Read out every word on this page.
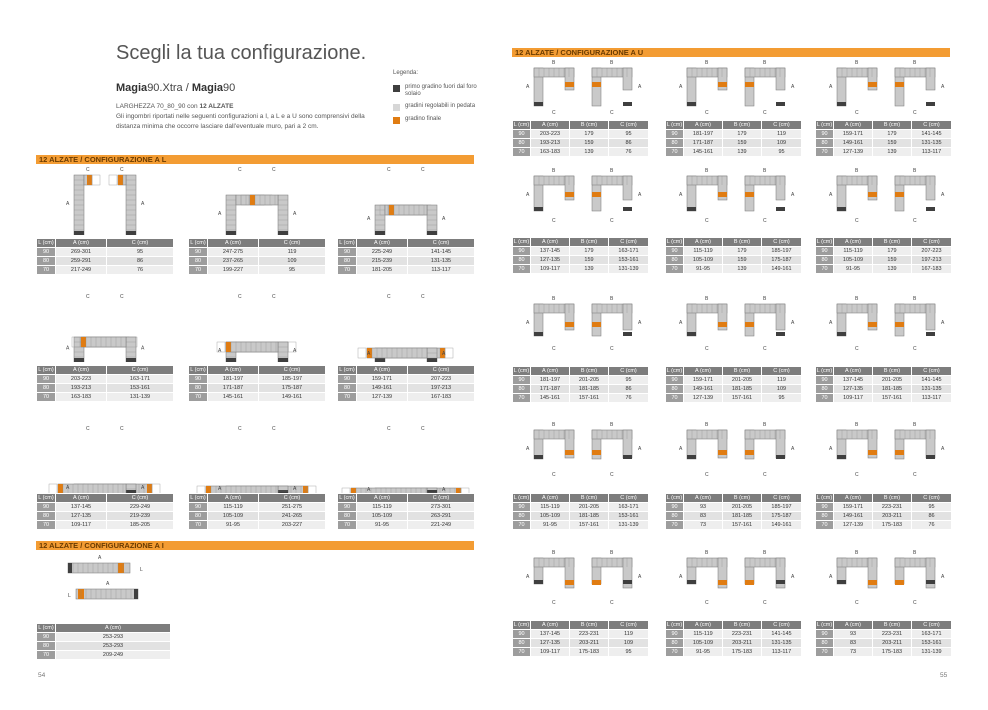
Scegli la tua configurazione.
Magia90.Xtra / Magia90
LARGHEZZA 70_80_90 con 12 ALZATE
Gli ingombri riportati nelle seguenti configurazioni a I, a L e a U sono comprensivi della distanza minima che occorre lasciare dall'eventuale muro, pari a 2 cm.
Legenda:
primo gradino fuori dal foro solaio
gradini regolabili in pedata
gradino finale
12 ALZATE / CONFIGURAZIONE A L
12 ALZATE / CONFIGURAZIONE A I
12 ALZATE / CONFIGURAZIONE A U
A
C
A
C
L (cm)	A (cm)	C (cm)
90	269-301	95
80	259-291	86
70	217-249	76
A
C
A
C
L (cm)	A (cm)	C (cm)
90	247-275	119
80	237-265	109
70	199-227	95
A
C
A
C
L (cm)	A (cm)	C (cm)
90	225-249	141-145
80	215-239	131-135
70	181-205	113-117
A
C
A
C
L (cm)	A (cm)	C (cm)
90	203-223	163-171
80	193-213	153-161
70	163-183	131-139
A
C
A
C
L (cm)	A (cm)	C (cm)
90	181-197	185-197
80	171-187	175-187
70	145-161	149-161
A
C
A
C
L (cm)	A (cm)	C (cm)
90	159-171	207-223
80	149-161	197-213
70	127-139	167-183
A
C
A
C
L (cm)	A (cm)	C (cm)
90	137-145	229-249
80	127-135	219-239
70	109-117	185-205
A
C
A
C
L (cm)	A (cm)	C (cm)
90	115-119	251-275
80	105-109	241-265
70	91-95	203-227
A
C
A
C
L (cm)	A (cm)	C (cm)
90	115-119	273-301
80	105-109	263-291
70	91-95	221-249
A
A
L
L
L (cm)	A (cm)
90	253-293
80	253-293
70	209-249
B	B
A	A
C	C
L (cm)	A (cm)	B (cm)	C (cm)
90	203-223	179	95
80	193-213	159	86
70	163-183	139	76
B	B
A	A
C	C
L (cm)	A (cm)	B (cm)	C (cm)
90	181-197	179	119
80	171-187	159	109
70	145-161	139	95
B	B
A	A
C	C
L (cm)	A (cm)	B (cm)	C (cm)
90	159-171	179	141-145
80	149-161	159	131-135
70	127-139	139	113-117
B	B
A	A
C	C
L (cm)	A (cm)	B (cm)	C (cm)
90	137-145	179	163-171
80	127-135	159	153-161
70	109-117	139	131-139
B	B
A	A
C	C
L (cm)	A (cm)	B (cm)	C (cm)
90	115-119	179	185-197
80	105-109	159	175-187
70	91-95	139	149-161
B	B
A	A
C	C
L (cm)	A (cm)	B (cm)	C (cm)
90	115-119	179	207-223
80	105-109	159	197-213
70	91-95	139	167-183
B	B
A	A
C	C
L (cm)	A (cm)	B (cm)	C (cm)
90	181-197	201-205	95
80	171-187	181-185	86
70	145-161	157-161	76
B	B
A	A
C	C
L (cm)	A (cm)	B (cm)	C (cm)
90	159-171	201-205	119
80	149-161	181-185	109
70	127-139	157-161	95
B	B
A	A
C	C
L (cm)	A (cm)	B (cm)	C (cm)
90	137-145	201-205	141-145
80	127-135	181-185	131-135
70	109-117	157-161	113-117
B	B
A	A
C	C
L (cm)	A (cm)	B (cm)	C (cm)
90	115-119	201-205	163-171
80	105-109	181-185	153-161
70	91-95	157-161	131-139
B	B
A	A
C	C
L (cm)	A (cm)	B (cm)	C (cm)
90	93	201-205	185-197
80	83	181-185	175-187
70	73	157-161	149-161
B	B
A	A
C	C
L (cm)	A (cm)	B (cm)	C (cm)
90	159-171	223-231	95
80	149-161	203-211	86
70	127-139	175-183	76
B	B
A	A
C	C
L (cm)	A (cm)	B (cm)	C (cm)
90	137-145	223-231	119
80	127-135	203-211	109
70	109-117	175-183	95
B	B
A	A
C	C
L (cm)	A (cm)	B (cm)	C (cm)
90	115-119	223-231	141-145
80	105-109	203-211	131-135
70	91-95	175-183	113-117
B	B
A	A
C	C
L (cm)	A (cm)	B (cm)	C (cm)
90	93	223-231	163-171
80	83	203-211	153-161
70	73	175-183	131-139
54	55
